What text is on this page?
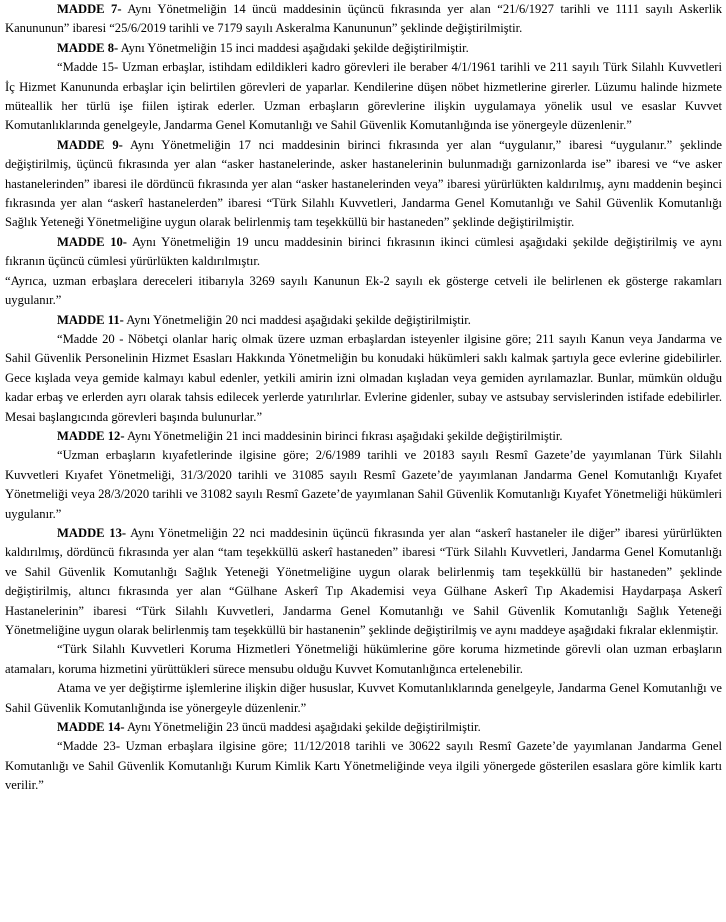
MADDE 7- Aynı Yönetmeliğin 14 üncü maddesinin üçüncü fıkrasında yer alan “21/6/1927 tarihli ve 1111 sayılı Askerlik Kanununun” ibaresi “25/6/2019 tarihli ve 7179 sayılı Askeralma Kanununun” şeklinde değiştirilmiştir.

MADDE 8- Aynı Yönetmeliğin 15 inci maddesi aşağıdaki şekilde değiştirilmiştir.

“Madde 15- Uzman erbaşlar, istihdam edildikleri kadro görevleri ile beraber 4/1/1961 tarihli ve 211 sayılı Türk Silahlı Kuvvetleri İç Hizmet Kanununda erbaşlar için belirtilen görevleri de yaparlar. Kendilerine düşen nöbet hizmetlerine girerler. Lüzumu halinde hizmete müteallik her türlü işe fiilen iştirak ederler. Uzman erbaşların görevlerine ilişkin uygulamaya yönelik usul ve esaslar Kuvvet Komutanlıklarında genelgeyle, Jandarma Genel Komutanlığı ve Sahil Güvenlik Komutanlığında ise yönergeyle düzenlenir.”

MADDE 9- Aynı Yönetmeliğin 17 nci maddesinin birinci fıkrasında yer alan “uygulanır,” ibaresi “uygulanır.” şeklinde değiştirilmiş, üçüncü fıkrasında yer alan “asker hastanelerinde, asker hastanelerinin bulunmadığı garnizonlarda ise” ibaresi ve “ve asker hastanelerinden” ibaresi ile dördüncü fıkrasında yer alan “asker hastanelerinden veya” ibaresi yürürlükten kaldırılmış, aynı maddenin beşinci fıkrasında yer alan “askerî hastanelerden” ibaresi “Türk Silahlı Kuvvetleri, Jandarma Genel Komutanlığı ve Sahil Güvenlik Komutanlığı Sağlık Yeteneği Yönetmeliğine uygun olarak belirlenmiş tam teşekküllü bir hastaneden” şeklinde değiştirilmiştir.

MADDE 10- Aynı Yönetmeliğin 19 uncu maddesinin birinci fıkrasının ikinci cümlesi aşağıdaki şekilde değiştirilmiş ve aynı fıkranın üçüncü cümlesi yürürlükten kaldırılmıştır.

“Ayrıca, uzman erbaşlara dereceleri itibarıyla 3269 sayılı Kanunun Ek-2 sayılı ek gösterge cetveli ile belirlenen ek gösterge rakamları uygulanır.”

MADDE 11- Aynı Yönetmeliğin 20 nci maddesi aşağıdaki şekilde değiştirilmiştir.

“Madde 20 - Nöbetçi olanlar hariç olmak üzere uzman erbaşlardan isteyenler ilgisine göre; 211 sayılı Kanun veya Jandarma ve Sahil Güvenlik Personelinin Hizmet Esasları Hakkında Yönetmeliğin bu konudaki hükümleri saklı kalmak şartıyla gece evlerine gidebilirler. Gece kışlada veya gemide kalmayı kabul edenler, yetkili amirin izni olmadan kışladan veya gemiden ayrılamazlar. Bunlar, mümkün olduğu kadar erbaş ve erlerden ayrı olarak tahsis edilecek yerlerde yatırılırlar. Evlerine gidenler, subay ve astsubay servislerinden istifade edebilirler. Mesai başlangıcında görevleri başında bulunurlar.”

MADDE 12- Aynı Yönetmeliğin 21 inci maddesinin birinci fıkrası aşağıdaki şekilde değiştirilmiştir.

“Uzman erbaşların kıyafetlerinde ilgisine göre; 2/6/1989 tarihli ve 20183 sayılı Resmî Gazete’de yayımlanan Türk Silahlı Kuvvetleri Kıyafet Yönetmeliği, 31/3/2020 tarihli ve 31085 sayılı Resmî Gazete’de yayımlanan Jandarma Genel Komutanlığı Kıyafet Yönetmeliği veya 28/3/2020 tarihli ve 31082 sayılı Resmî Gazete’de yayımlanan Sahil Güvenlik Komutanlığı Kıyafet Yönetmeliği hükümleri uygulanır.”

MADDE 13- Aynı Yönetmeliğin 22 nci maddesinin üçüncü fıkrasında yer alan “askerî hastaneler ile diğer” ibaresi yürürlükten kaldırılmış, dördüncü fıkrasında yer alan “tam teşekküllü askerî hastaneden” ibaresi “Türk Silahlı Kuvvetleri, Jandarma Genel Komutanlığı ve Sahil Güvenlik Komutanlığı Sağlık Yeteneği Yönetmeliğine uygun olarak belirlenmiş tam teşekküllü bir hastaneden” şeklinde değiştirilmiş, altıncı fıkrasında yer alan “Gülhane Askerî Tıp Akademisi veya Gülhane Askerî Tıp Akademisi Haydarpaşa Askerî Hastanelerinin” ibaresi “Türk Silahlı Kuvvetleri, Jandarma Genel Komutanlığı ve Sahil Güvenlik Komutanlığı Sağlık Yeteneği Yönetmeliğine uygun olarak belirlenmiş tam teşekküllü bir hastanenin” şeklinde değiştirilmiş ve aynı maddeye aşağıdaki fıkralar eklenmiştir.

“Türk Silahlı Kuvvetleri Koruma Hizmetleri Yönetmeliği hükümlerine göre koruma hizmetinde görevli olan uzman erbaşların atamaları, koruma hizmetini yürüttükleri sürece mensubu olduğu Kuvvet Komutanlığınca ertelenebilir.

Atama ve yer değiştirme işlemlerine ilişkin diğer hususlar, Kuvvet Komutanlıklarında genelgeyle, Jandarma Genel Komutanlığı ve Sahil Güvenlik Komutanlığında ise yönergeyle düzenlenir.”

MADDE 14- Aynı Yönetmeliğin 23 üncü maddesi aşağıdaki şekilde değiştirilmiştir.

“Madde 23- Uzman erbaşlara ilgisine göre; 11/12/2018 tarihli ve 30622 sayılı Resmî Gazete’de yayımlanan Jandarma Genel Komutanlığı ve Sahil Güvenlik Komutanlığı Kurum Kimlik Kartı Yönetmeliğinde veya ilgili yönergede gösterilen esaslara göre kimlik kartı verilir.”
